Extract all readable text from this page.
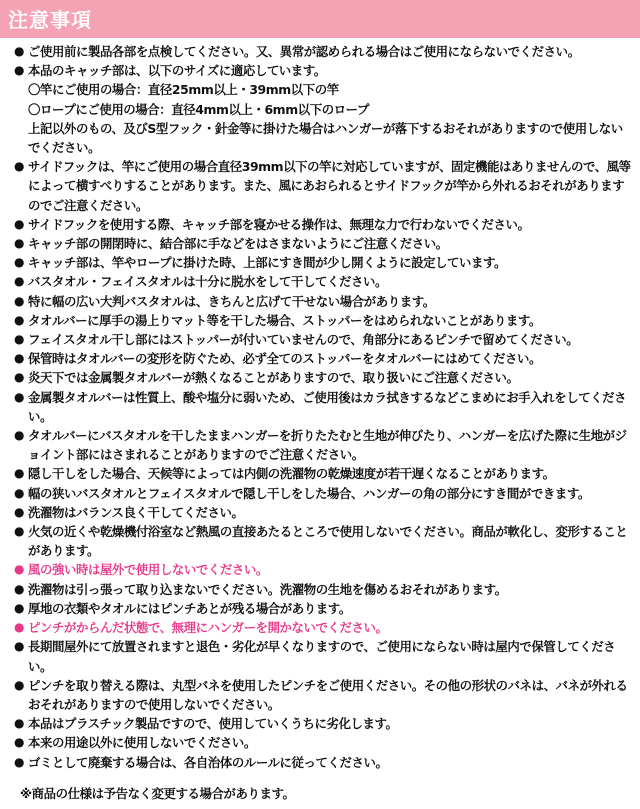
注意事項
● ご使用前に製品各部を点検してください。又、異常が認められる場合はご使用にならないでください。
● 本品のキャッチ部は、以下のサイズに適応しています。
〇竿にご使用の場合：直径25mm以上・39mm以下の竿
〇ロープにご使用の場合：直径4mm以上・6mm以下のロープ
上記以外のもの、及びS型フック・針金等に掛けた場合はハンガーが落下するおそれがありますので使用しないでください。
● サイドフックは、竿にご使用の場合直径39mm以下の竿に対応していますが、固定機能はありませんので、風等によって横すべりすることがあります。また、風にあおられるとサイドフックが竿から外れるおそれがありますのでご注意ください。
● サイドフックを使用する際、キャッチ部を寝かせる操作は、無理な力で行わないでください。
● キャッチ部の開閉時に、結合部に手などをはさまないようにご注意ください。
● キャッチ部は、竿やロープに掛けた時、上部にすき間が少し開くように設定しています。
● バスタオル・フェイスタオルは十分に脱水をして干してください。
● 特に幅の広い大判バスタオルは、きちんと広げて干せない場合があります。
● タオルバーに厚手の湯上りマット等を干した場合、ストッパーをはめられないことがあります。
● フェイスタオル干し部にはストッパーが付いていませんので、角部分にあるピンチで留めてください。
● 保管時はタオルバーの変形を防ぐため、必ず全てのストッパーをタオルバーにはめてください。
● 炎天下では金属製タオルバーが熱くなることがありますので、取り扱いにご注意ください。
● 金属製タオルバーは性質上、酸や塩分に弱いため、ご使用後はカラ拭きするなどこまめにお手入れをしてください。
● タオルバーにバスタオルを干したままハンガーを折りたたむと生地が伸びたり、ハンガーを広げた際に生地がジョイント部にはさまれることがありますのでご注意ください。
● 隠し干しをした場合、天候等によっては内側の洗濯物の乾燥速度が若干遅くなることがあります。
● 幅の狭いバスタオルとフェイスタオルで隠し干しをした場合、ハンガーの角の部分にすき間ができます。
● 洗濯物はバランス良く干してください。
● 火気の近くや乾燥機付浴室など熱風の直接あたるところで使用しないでください。商品が軟化し、変形することがあります。
● 風の強い時は屋外で使用しないでください。
● 洗濯物は引っ張って取り込まないでください。洗濯物の生地を傷めるおそれがあります。
● 厚地の衣類やタオルにはピンチあとが残る場合があります。
● ピンチがからんだ状態で、無理にハンガーを開かないでください。
● 長期間屋外にて放置されますと退色・劣化が早くなりますので、ご使用にならない時は屋内で保管してください。
● ピンチを取り替える際は、丸型バネを使用したピンチをご使用ください。その他の形状のバネは、バネが外れるおそれがありますので使用しないでください。
● 本品はプラスチック製品ですので、使用していくうちに劣化します。
● 本来の用途以外に使用しないでください。
● ゴミとして廃棄する場合は、各自治体のルールに従ってください。
※商品の仕様は予告なく変更する場合があります。
